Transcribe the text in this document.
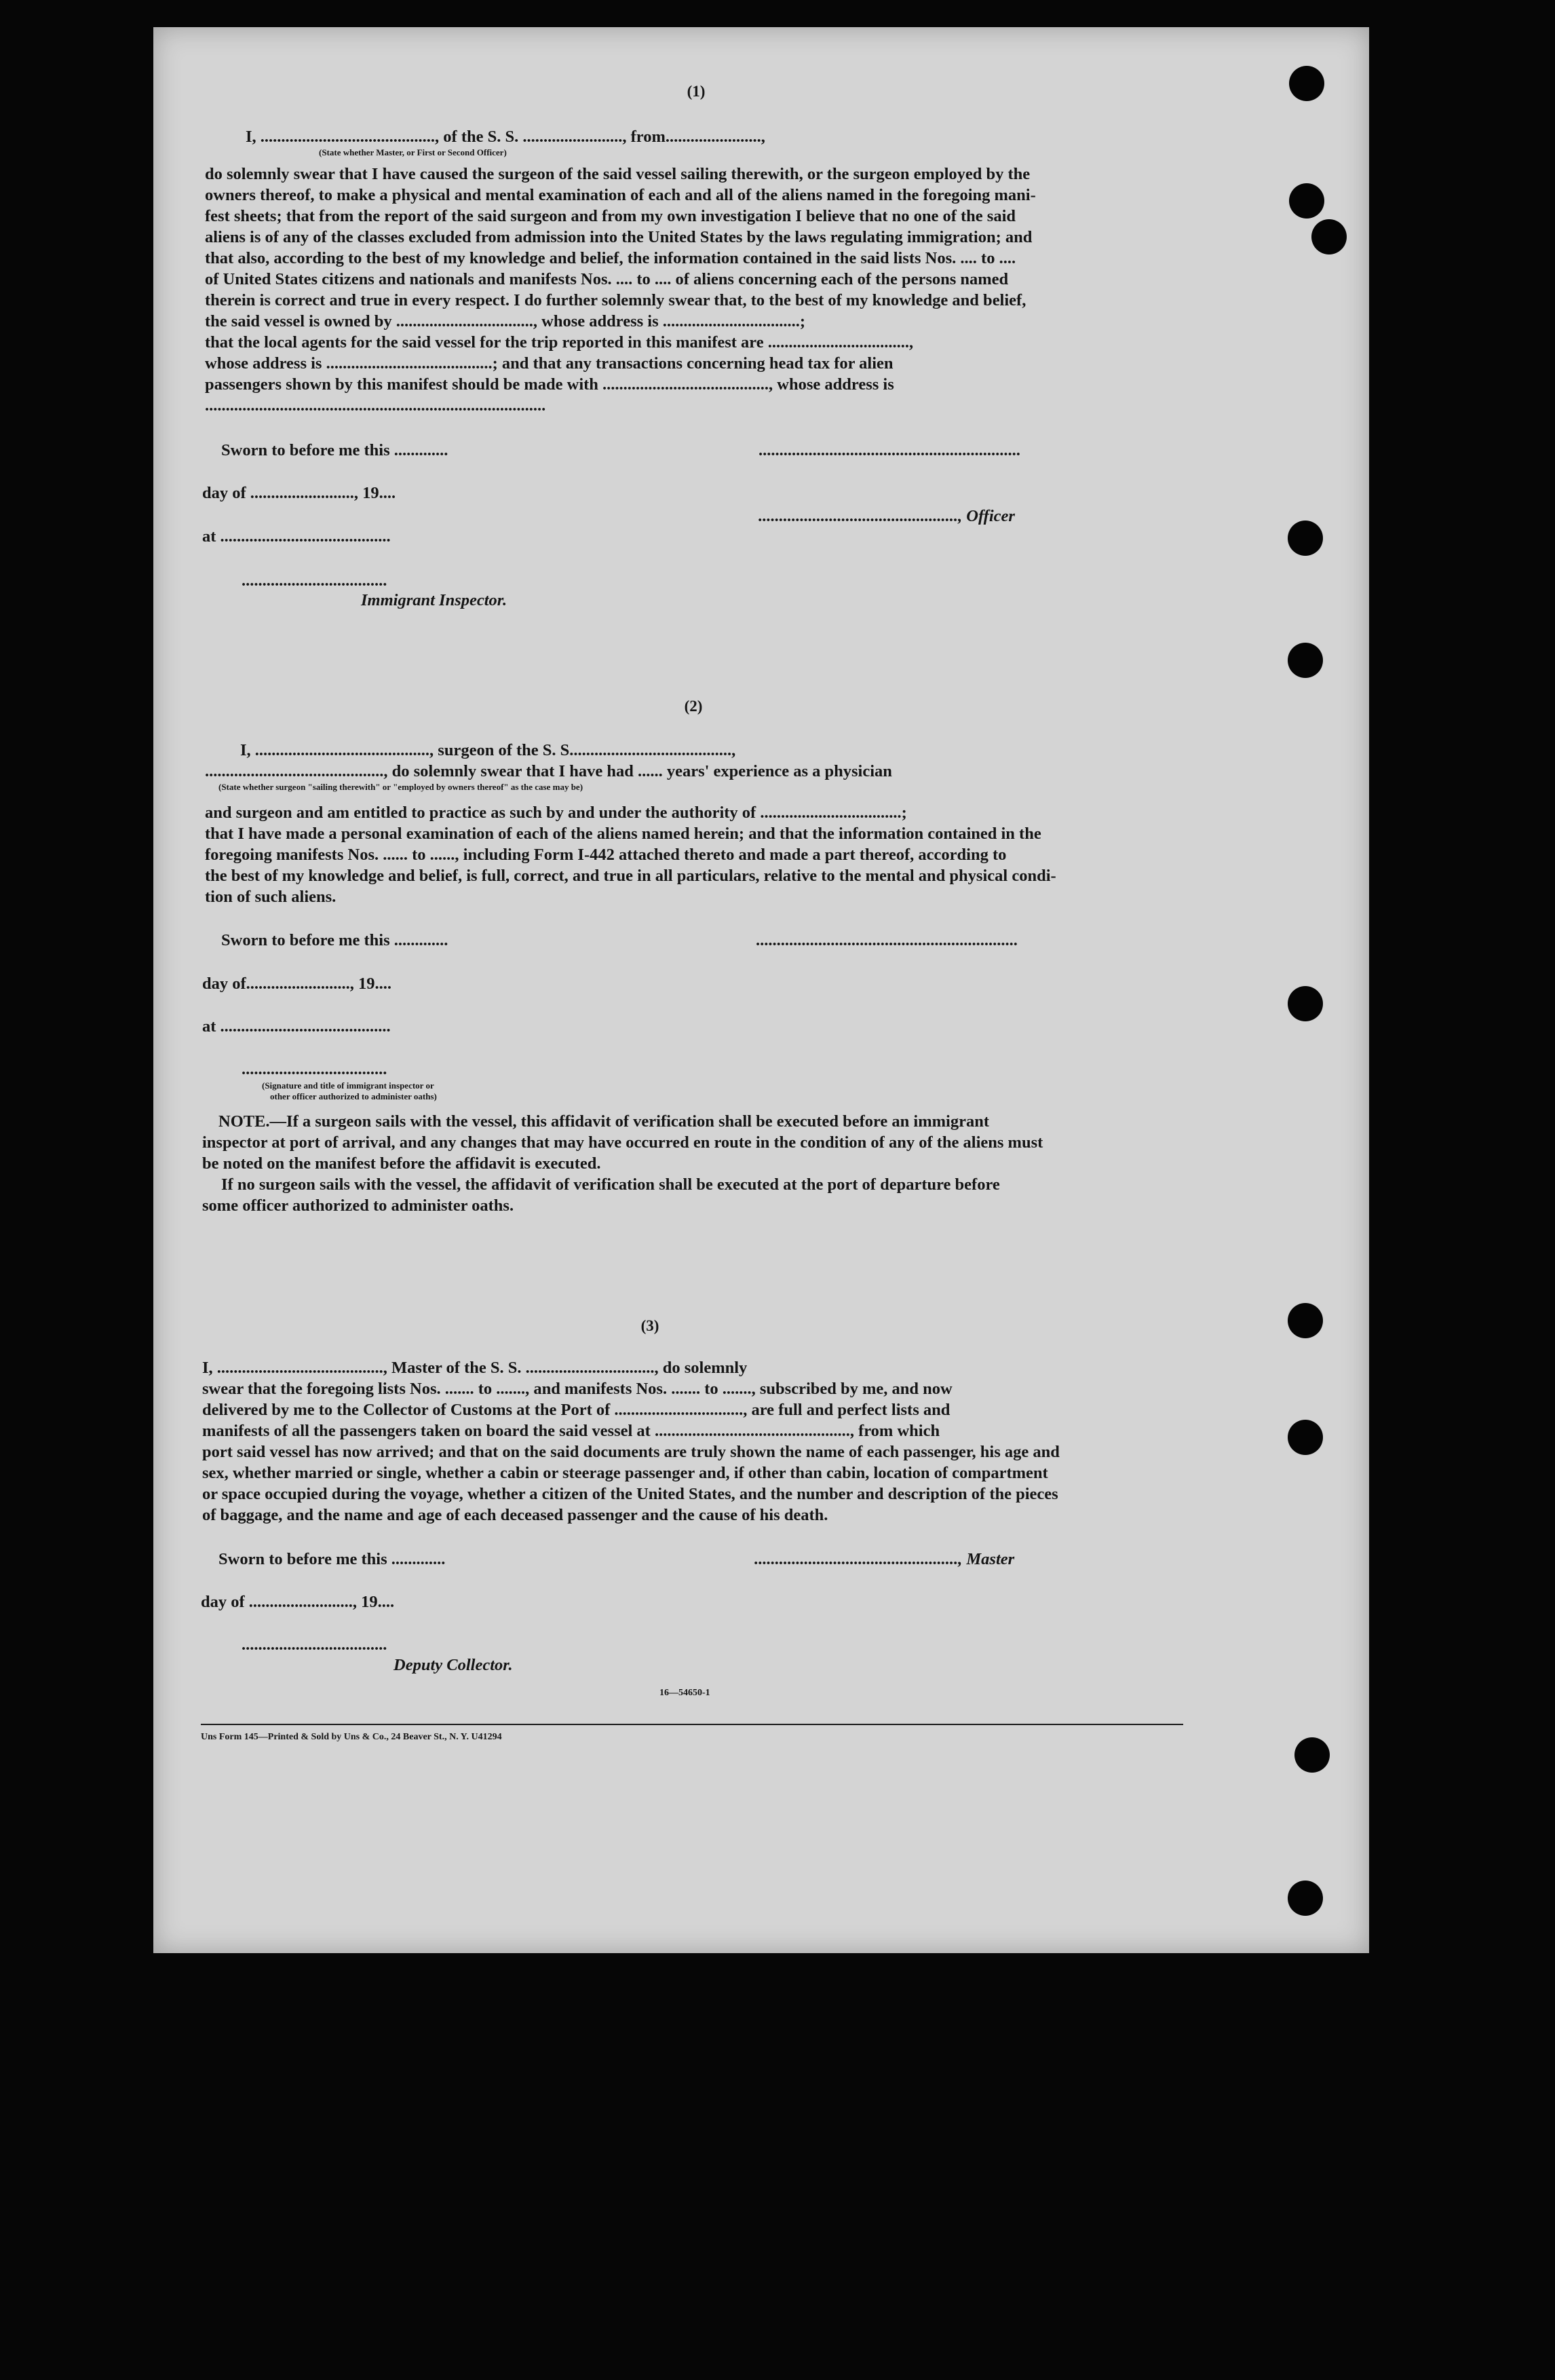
(1)
I, .........................................., of the S. S. ........................, from.......................,
(State whether Master, or First or Second Officer)
do solemnly swear that I have caused the surgeon of the said vessel sailing therewith, or the surgeon employed by the
owners thereof, to make a physical and mental examination of each and all of the aliens named in the foregoing mani-
fest sheets; that from the report of the said surgeon and from my own investigation I believe that no one of the said
aliens is of any of the classes excluded from admission into the United States by the laws regulating immigration; and
that also, according to the best of my knowledge and belief, the information contained in the said lists Nos. .... to ....
of United States citizens and nationals and manifests Nos. .... to .... of aliens concerning each of the persons named
therein is correct and true in every respect. I do further solemnly swear that, to the best of my knowledge and belief,
the said vessel is owned by ................................., whose address is .................................;
that the local agents for the said vessel for the trip reported in this manifest are ..................................,
whose address is ........................................; and that any transactions concerning head tax for alien
passengers shown by this manifest should be made with ........................................, whose address is
..................................................................................
Sworn to before me this .............	...............................................................
day of ........................., 19....
................................................, Officer
at .........................................
...................................
Immigrant Inspector.
(2)
I, .........................................., surgeon of the S. S.......................................,
..........................................., do solemnly swear that I have had ...... years' experience as a physician
(State whether surgeon "sailing therewith" or "employed by owners thereof" as the case may be)
and surgeon and am entitled to practice as such by and under the authority of ..................................;
that I have made a personal examination of each of the aliens named herein; and that the information contained in the
foregoing manifests Nos. ...... to ......, including Form I-442 attached thereto and made a part thereof, according to
the best of my knowledge and belief, is full, correct, and true in all particulars, relative to the mental and physical condi-
tion of such aliens.
Sworn to before me this .............	...............................................................
day of........................., 19....
at .........................................
...................................
(Signature and title of immigrant inspector or
other officer authorized to administer oaths)
NOTE.—If a surgeon sails with the vessel, this affidavit of verification shall be executed before an immigrant
inspector at port of arrival, and any changes that may have occurred en route in the condition of any of the aliens must
be noted on the manifest before the affidavit is executed.
If no surgeon sails with the vessel, the affidavit of verification shall be executed at the port of departure before
some officer authorized to administer oaths.
(3)
I, ........................................, Master of the S. S. ..............................., do solemnly
swear that the foregoing lists Nos. ....... to ......., and manifests Nos. ....... to ......., subscribed by me, and now
delivered by me to the Collector of Customs at the Port of ..............................., are full and perfect lists and
manifests of all the passengers taken on board the said vessel at ..............................................., from which
port said vessel has now arrived; and that on the said documents are truly shown the name of each passenger, his age and
sex, whether married or single, whether a cabin or steerage passenger and, if other than cabin, location of compartment
or space occupied during the voyage, whether a citizen of the United States, and the number and description of the pieces
of baggage, and the name and age of each deceased passenger and the cause of his death.
Sworn to before me this .............	................................................., Master
day of ........................., 19....
...................................
Deputy Collector.
16—54650-1
Uns Form 145—Printed & Sold by Uns & Co., 24 Beaver St., N. Y. U41294
